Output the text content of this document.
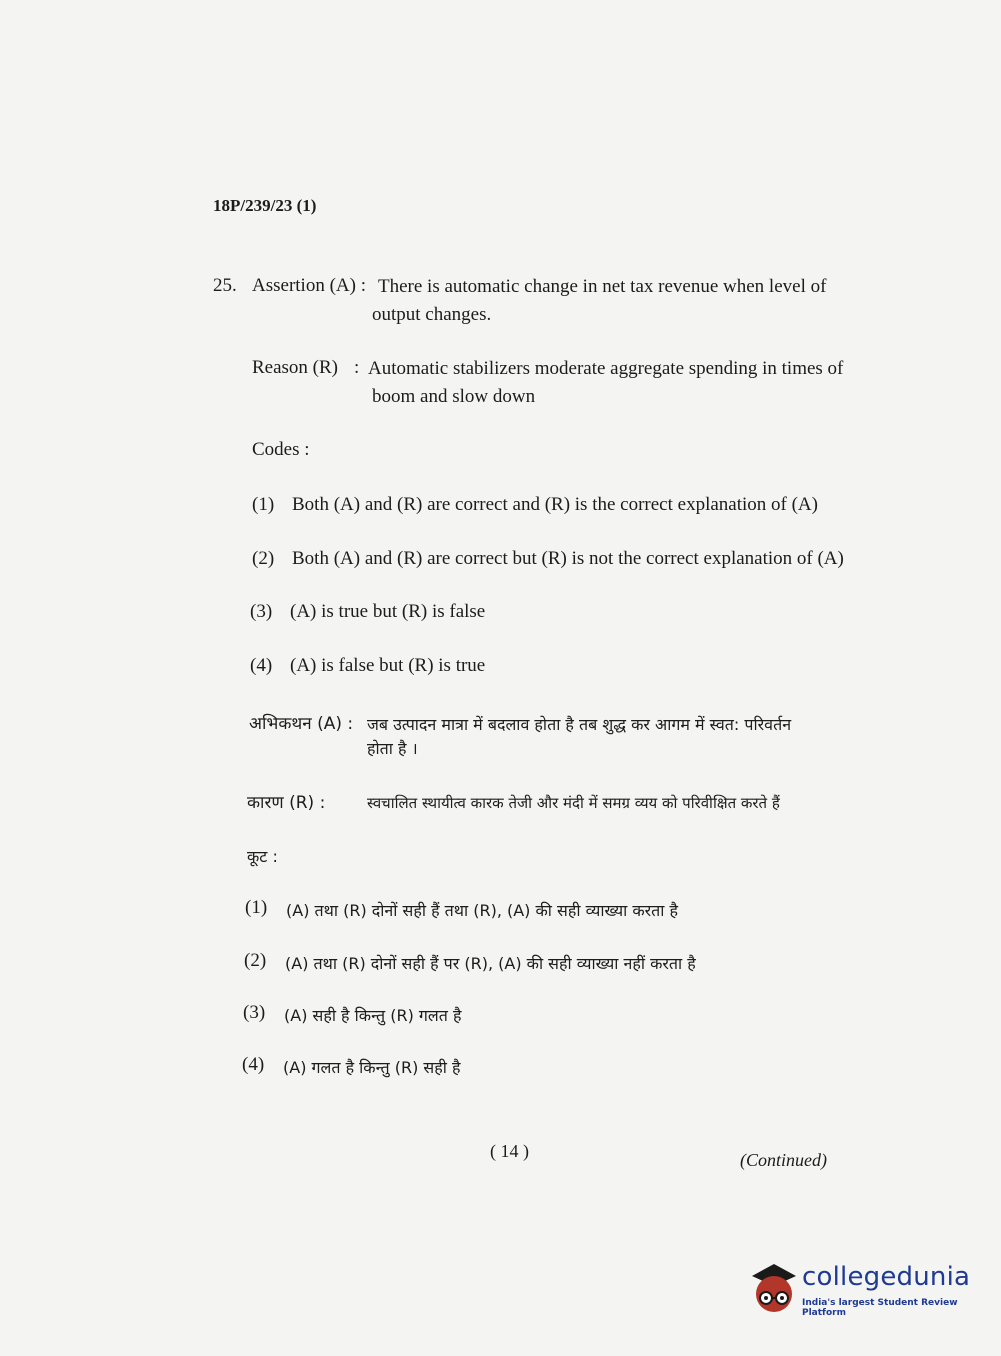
18P/239/23 (1)
25. Assertion (A) : There is automatic change in net tax revenue when level of
output changes.
Reason (R) : Automatic stabilizers moderate aggregate spending in times of
boom and slow down
Codes :
(1) Both (A) and (R) are correct and (R) is the correct explanation of (A)
(2) Both (A) and (R) are correct but (R) is not the correct explanation of (A)
(3) (A) is true but (R) is false
(4) (A) is false but (R) is true
अभिकथन (A) : जब उत्पादन मात्रा में बदलाव होता है तब शुद्ध कर आगम में स्वत: परिवर्तन
होता है ।
कारण (R) :	स्वचालित स्थायीत्व कारक तेजी और मंदी में समग्र व्यय को परिवीक्षित करते हैं
कूट :
(1) (A) तथा (R) दोनों सही हैं तथा (R), (A) की सही व्याख्या करता है
(2) (A) तथा (R) दोनों सही हैं पर (R), (A) की सही व्याख्या नहीं करता है
(3) (A) सही है किन्तु (R) गलत है
(4) (A) गलत है किन्तु (R) सही है
( 14 )	(Continued)
collegedunia
India's largest Student Review Platform
